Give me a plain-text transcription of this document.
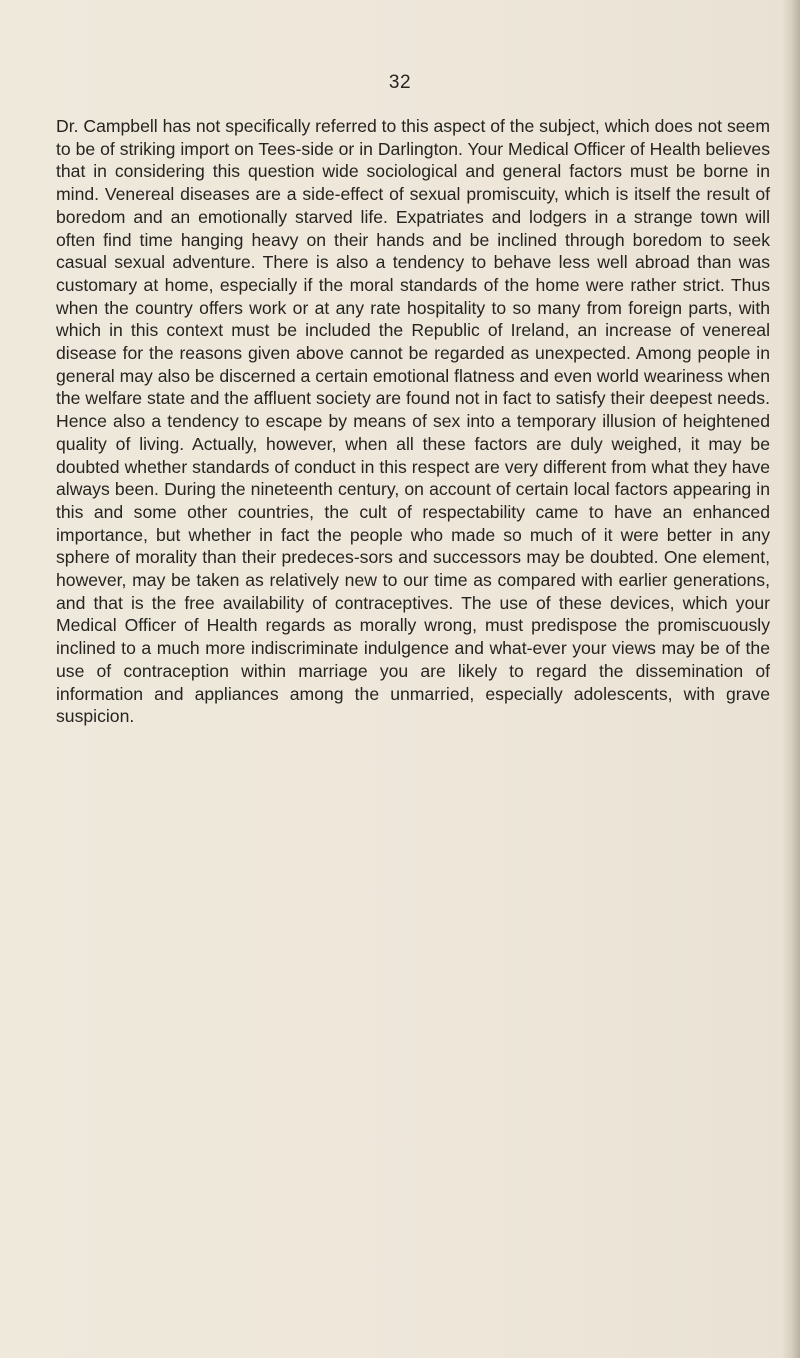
32

Dr. Campbell has not specifically referred to this aspect of the subject, which does not seem to be of striking import on Tees-side or in Darlington. Your Medical Officer of Health believes that in considering this question wide sociological and general factors must be borne in mind. Venereal diseases are a side-effect of sexual promiscuity, which is itself the result of boredom and an emotionally starved life. Expatriates and lodgers in a strange town will often find time hanging heavy on their hands and be inclined through boredom to seek casual sexual adventure. There is also a tendency to behave less well abroad than was customary at home, especially if the moral standards of the home were rather strict. Thus when the country offers work or at any rate hospitality to so many from foreign parts, with which in this context must be included the Republic of Ireland, an increase of venereal disease for the reasons given above cannot be regarded as unexpected. Among people in general may also be discerned a certain emotional flatness and even world weariness when the welfare state and the affluent society are found not in fact to satisfy their deepest needs. Hence also a tendency to escape by means of sex into a temporary illusion of heightened quality of living. Actually, however, when all these factors are duly weighed, it may be doubted whether standards of conduct in this respect are very different from what they have always been. During the nineteenth century, on account of certain local factors appearing in this and some other countries, the cult of respectability came to have an enhanced importance, but whether in fact the people who made so much of it were better in any sphere of morality than their predeces-sors and successors may be doubted. One element, however, may be taken as relatively new to our time as compared with earlier generations, and that is the free availability of contraceptives. The use of these devices, which your Medical Officer of Health regards as morally wrong, must predispose the promiscuously inclined to a much more indiscriminate indulgence and what-ever your views may be of the use of contraception within marriage you are likely to regard the dissemination of information and appliances among the unmarried, especially adolescents, with grave suspicion.
